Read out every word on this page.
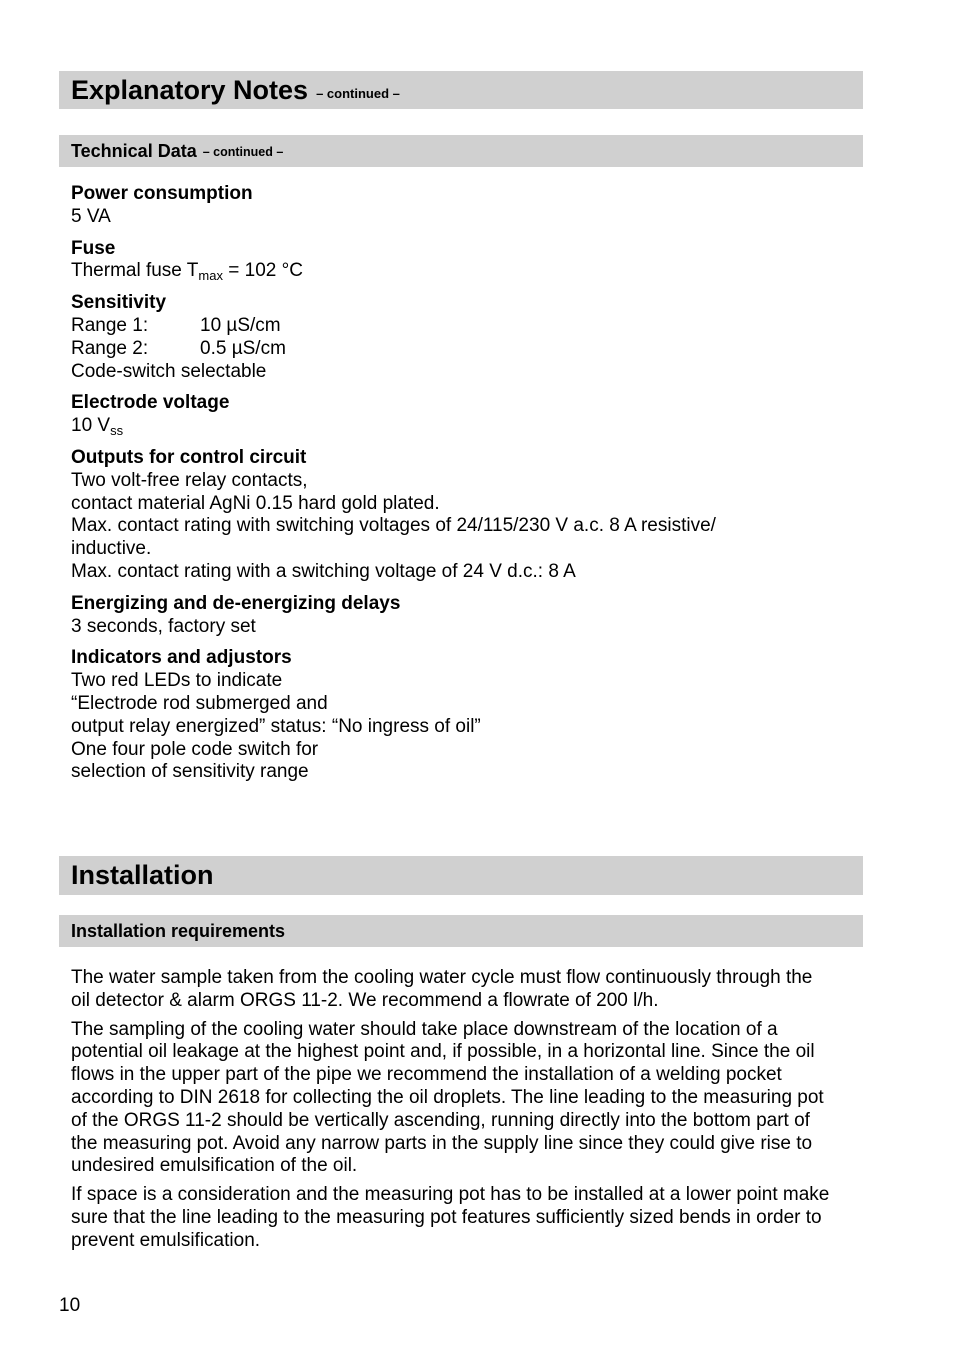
Explanatory Notes – continued –
Technical Data – continued –
Power consumption
5 VA
Fuse
Thermal fuse $T_{max} = 102$ °C
Sensitivity
Range 1:	10 µS/cm
Range 2:	0.5 µS/cm
Code-switch selectable
Electrode voltage
10 $V_{ss}$
Outputs for control circuit
Two volt-free relay contacts,
contact material AgNi 0.15 hard gold plated.
Max. contact rating with switching voltages of 24/115/230 V a.c. 8 A resistive/
inductive.
Max. contact rating with a switching voltage of 24 V d.c.: 8 A
Energizing and de-energizing delays
3 seconds, factory set
Indicators and adjustors
Two red LEDs to indicate
“Electrode rod submerged and
output relay energized” status: “No ingress of oil”
One four pole code switch for
selection of sensitivity range
Installation
Installation requirements

The water sample taken from the cooling water cycle must flow continuously through the oil detector & alarm ORGS 11-2. We recommend a flowrate of 200 l/h.

The sampling of the cooling water should take place downstream of the location of a potential oil leakage at the highest point and, if possible, in a horizontal line. Since the oil flows in the upper part of the pipe we recommend the installation of a welding pocket according to DIN 2618 for collecting the oil droplets. The line leading to the measuring pot of the ORGS 11-2 should be vertically ascending, running directly into the bottom part of the measuring pot. Avoid any narrow parts in the supply line since they could give rise to undesired emulsification of the oil.

If space is a consideration and the measuring pot has to be installed at a lower point make sure that the line leading to the measuring pot features sufficiently sized bends in order to prevent emulsification.

10
